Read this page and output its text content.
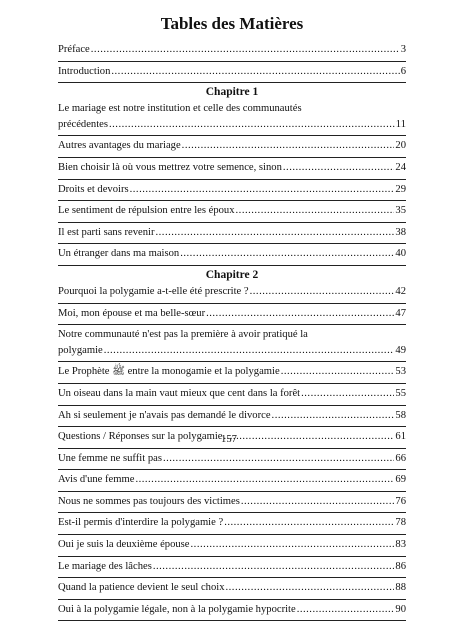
Tables des Matières
Préface .....	3
Introduction .....	6
Chapitre 1
Le mariage est notre institution et celle des communautés
précédentes .....	11
Autres avantages du mariage .....	20
Bien choisir là où vous mettrez votre semence, sinon .....	24
Droits et devoirs .....	29
Le sentiment de répulsion entre les époux .....	35
Il est parti sans revenir .....	38
Un étranger dans ma maison .....	40
Chapitre 2
Pourquoi la polygamie a-t-elle été prescrite ? .....	42
Moi, mon épouse et ma belle-sœur .....	47
Notre communauté n'est pas la première à avoir pratiqué la
polygamie .....	49
Le Prophète ﷺ entre la monogamie et la polygamie .....	53
Un oiseau dans la main vaut mieux que cent dans la forêt .....	55
Ah si seulement je n'avais pas demandé le divorce .....	58
Questions / Réponses sur la polygamie .....	61
Une femme ne suffit pas .....	66
Avis d'une femme .....	69
Nous ne sommes pas toujours des victimes .....	76
Est-il permis d'interdire la polygamie ? .....	78
Oui je suis la deuxième épouse .....	83
Le mariage des lâches .....	86
Quand la patience devient le seul choix .....	88
Oui à la polygamie légale, non à la polygamie hypocrite .....	90
157
